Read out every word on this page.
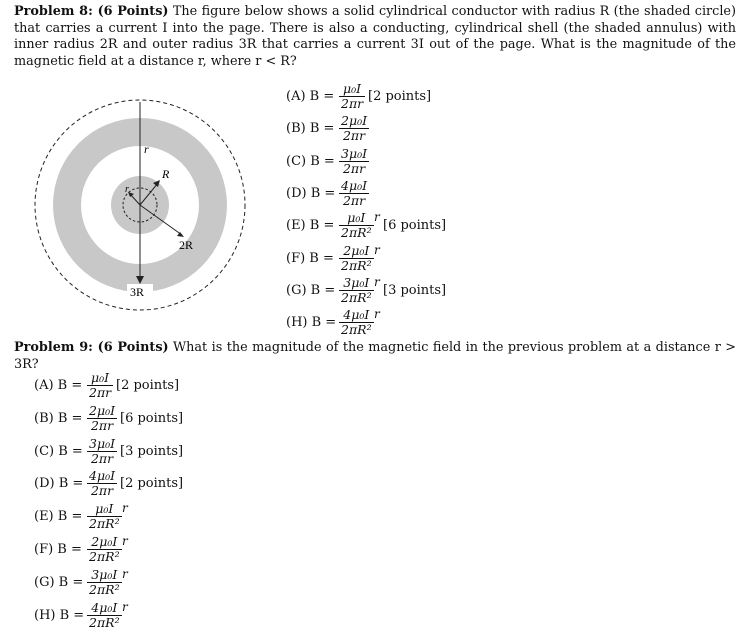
Problem 8: (6 Points) The figure below shows a solid cylindrical conductor with radius R (the shaded circle) that carries a current I into the page. There is also a conducting, cylindrical shell (the shaded annulus) with inner radius 2R and outer radius 3R that carries a current 3I out of the page. What is the magnitude of the magnetic field at a distance r, where r < R?
r
R
r
2R
3R
(A) B =
μ₀I
2πr [2 points]
(B) B =
2μ₀I
2πr
(C) B =
3μ₀I
2πr
(D) B =
4μ₀I
2πr
(E) B =
μ₀I
2πR²
r
[6 points]
(F) B =
2μ₀I
2πR²
r
(G) B =
3μ₀I
2πR²
r
[3 points]
(H) B =
4μ₀I
2πR²
r
Problem 9: (6 Points) What is the magnitude of the magnetic field in the previous problem at a distance r > 3R?
(A) B =
μ₀I
2πr [2 points]
(B) B =
2μ₀I
2πr [6 points]
(C) B =
3μ₀I
2πr [3 points]
(D) B =
4μ₀I
2πr [2 points]
(E) B =
μ₀I
2πR²
r
(F) B =
2μ₀I
2πR²
r
(G) B =
3μ₀I
2πR²
r
(H) B =
4μ₀I
2πR²
r
